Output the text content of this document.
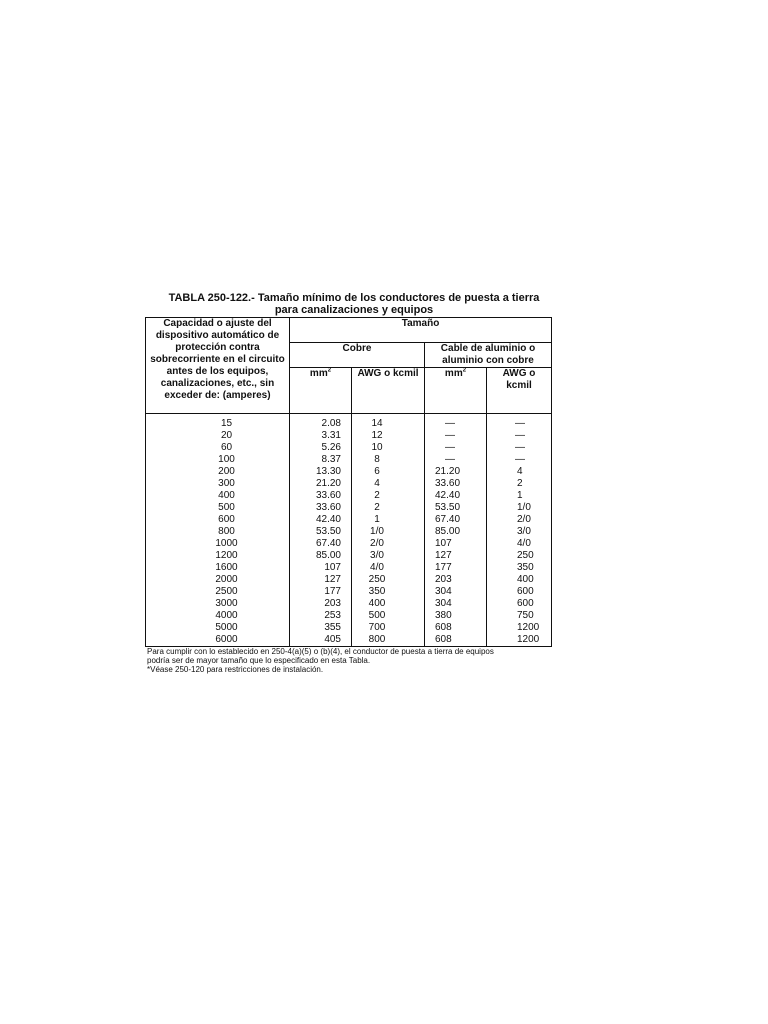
TABLA 250-122.- Tamaño mínimo de los conductores de puesta a tierra
para canalizaciones y equipos
Capacidad o ajuste del dispositivo automático de protección contra sobrecorriente en el circuito antes de los equipos, canalizaciones, etc., sin exceder de: (amperes)	Tamaño			
	Cobre		Cable de aluminio o aluminio con cobre	
	$mm^2$	AWG o kcmil	$mm^2$	AWG o kcmil
15	2.08	14	—	—
20	3.31	12	—	—
60	5.26	10	—	—
100	8.37	8	—	—
200	13.30	6	21.20	4
300	21.20	4	33.60	2
400	33.60	2	42.40	1
500	33.60	2	53.50	1/0
600	42.40	1	67.40	2/0
800	53.50	1/0	85.00	3/0
1000	67.40	2/0	107	4/0
1200	85.00	3/0	127	250
1600	107	4/0	177	350
2000	127	250	203	400
2500	177	350	304	600
3000	203	400	304	600
4000	253	500	380	750
5000	355	700	608	1200
6000	405	800	608	1200

Para cumplir con lo establecido en 250-4(a)(5) o (b)(4), el conductor de puesta a tierra de equipos

podría ser de mayor tamaño que lo especificado en esta Tabla.

*Véase 250-120 para restricciones de instalación.
